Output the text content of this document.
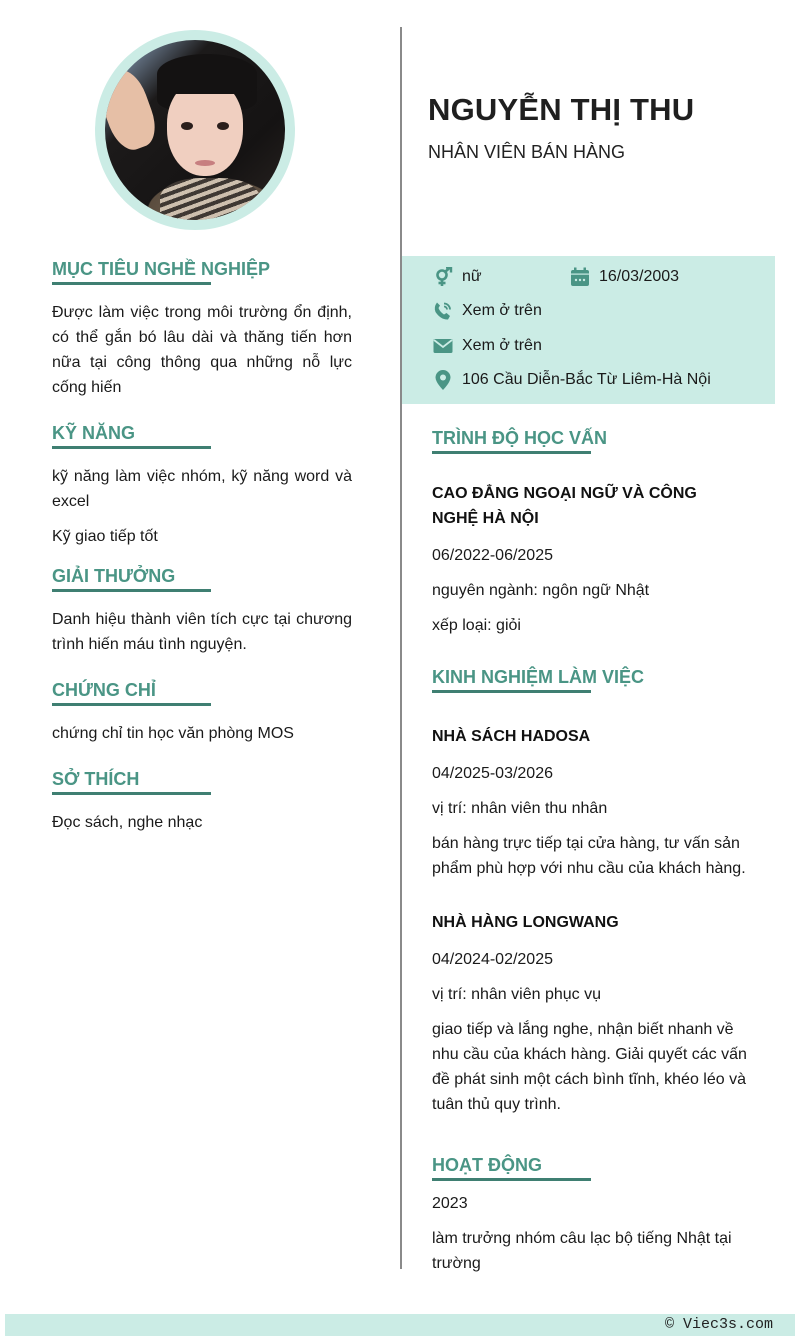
NGUYỄN THỊ THU
NHÂN VIÊN BÁN HÀNG
nữ	16/03/2003
Xem ở trên
Xem ở trên
106 Cầu Diễn-Bắc Từ Liêm-Hà Nội
MỤC TIÊU NGHỀ NGHIỆP
Được làm việc trong môi trường ổn định, có thể gắn bó lâu dài và thăng tiến hơn nữa tại công thông qua những nỗ lực cống hiến
KỸ NĂNG
kỹ năng làm việc nhóm, kỹ năng word và excel
Kỹ giao tiếp tốt
GIẢI THƯỞNG
Danh hiệu thành viên tích cực tại chương trình hiến máu tình nguyện.
CHỨNG CHỈ
chứng chỉ tin học văn phòng MOS
SỞ THÍCH
Đọc sách, nghe nhạc
TRÌNH ĐỘ HỌC VẤN
CAO ĐẲNG NGOẠI NGỮ VÀ CÔNG NGHỆ HÀ NỘI
06/2022-06/2025
nguyên ngành: ngôn ngữ Nhật
xếp loại: giỏi
KINH NGHIỆM LÀM VIỆC
NHÀ SÁCH HADOSA
04/2025-03/2026
vị trí: nhân viên thu nhân
bán hàng trực tiếp tại cửa hàng, tư vấn sản phẩm phù hợp với nhu cầu của khách hàng.
NHÀ HÀNG LONGWANG
04/2024-02/2025
vị trí: nhân viên phục vụ
giao tiếp và lắng nghe, nhận biết nhanh về nhu cầu của khách hàng. Giải quyết các vấn đề phát sinh một cách bình tĩnh, khéo léo và tuân thủ quy trình.
HOẠT ĐỘNG
2023
làm trưởng nhóm câu lạc bộ tiếng Nhật tại trường
© Viec3s.com
